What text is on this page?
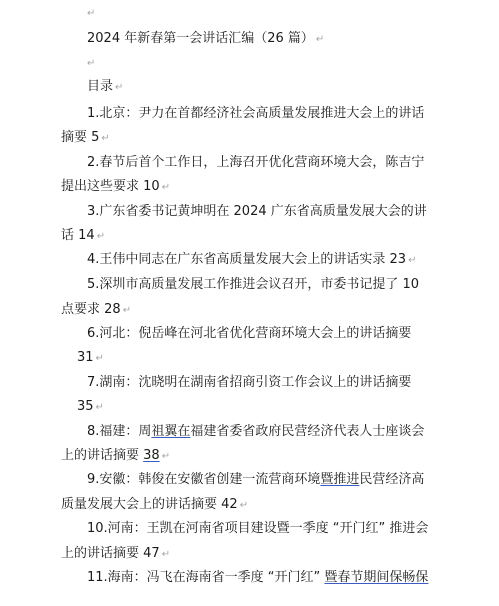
↵
2024 年新春第一会讲话汇编（26 篇） ↵
↵
目录 ↵
1.北京：尹力在首都经济社会高质量发展推进大会上的讲话
摘要 5 ↵
2.春节后首个工作日，上海召开优化营商环境大会，陈吉宁
提出这些要求 10 ↵
3.广东省委书记黄坤明在 2024 广东省高质量发展大会的讲
话 14 ↵
4.王伟中同志在广东省高质量发展大会上的讲话实录 23 ↵
5.深圳市高质量发展工作推进会议召开，市委书记提了 10
点要求 28 ↵
6.河北：倪岳峰在河北省优化营商环境大会上的讲话摘要
31 ↵
7.湖南：沈晓明在湖南省招商引资工作会议上的讲话摘要
35 ↵
8.福建：周祖翼在福建省委省政府民营经济代表人士座谈会
上的讲话摘要 38 ↵
9.安徽：韩俊在安徽省创建一流营商环境暨推进民营经济高
质量发展大会上的讲话摘要 42 ↵
10.河南：王凯在河南省项目建设暨一季度 “开门红” 推进会
上的讲话摘要 47 ↵
11.海南：冯飞在海南省一季度 “开门红” 暨春节期间保畅保
